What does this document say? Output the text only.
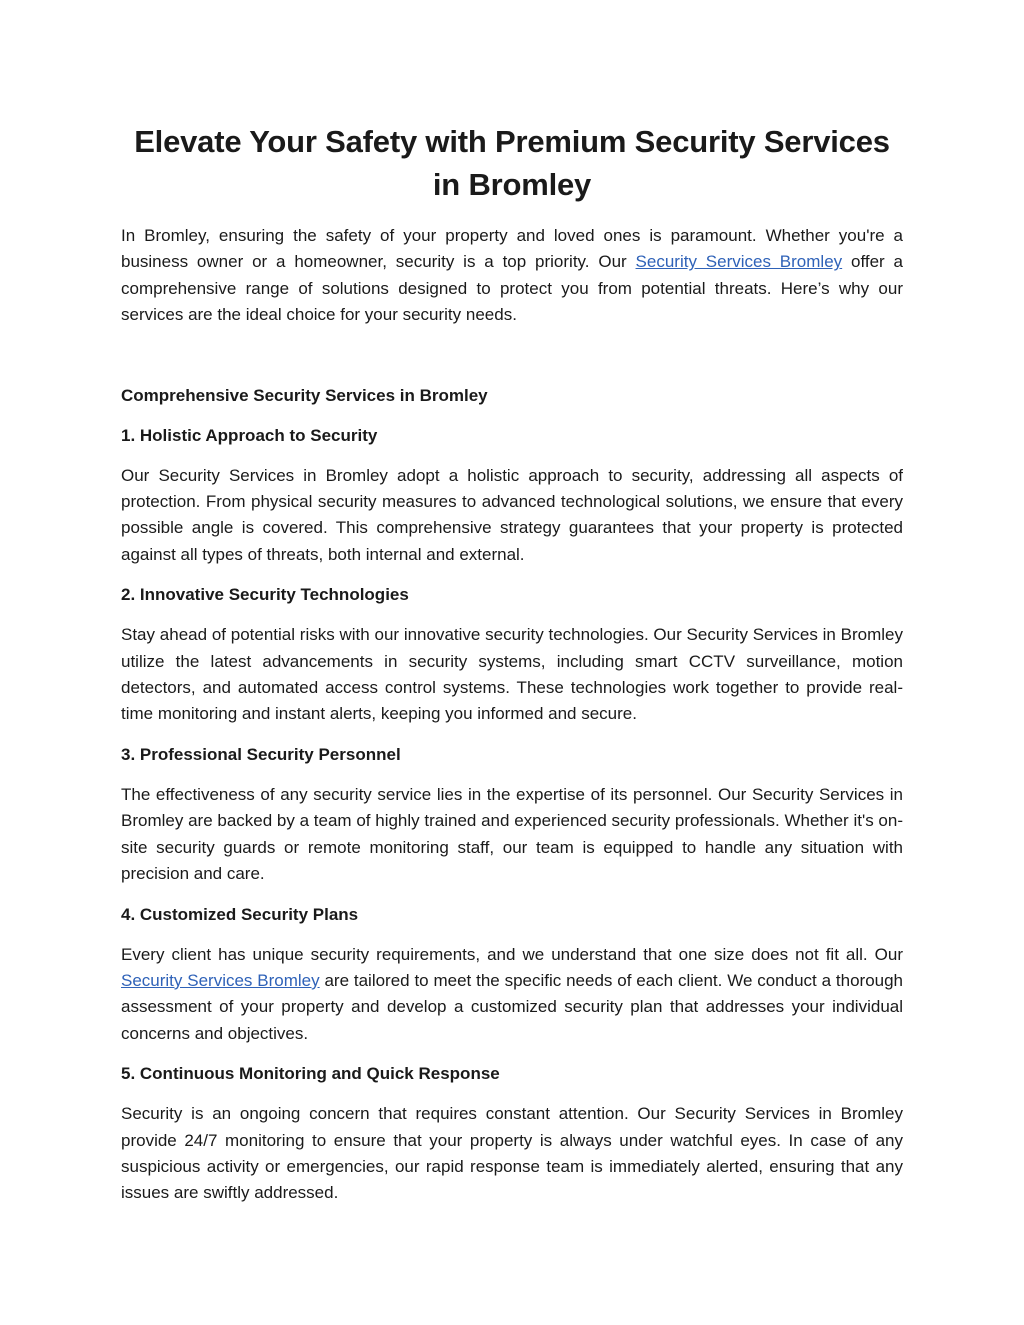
Elevate Your Safety with Premium Security Services in Bromley

In Bromley, ensuring the safety of your property and loved ones is paramount. Whether you're a business owner or a homeowner, security is a top priority. Our Security Services Bromley offer a comprehensive range of solutions designed to protect you from potential threats. Here’s why our services are the ideal choice for your security needs.

Comprehensive Security Services in Bromley
1. Holistic Approach to Security

Our Security Services in Bromley adopt a holistic approach to security, addressing all aspects of protection. From physical security measures to advanced technological solutions, we ensure that every possible angle is covered. This comprehensive strategy guarantees that your property is protected against all types of threats, both internal and external.

2. Innovative Security Technologies

Stay ahead of potential risks with our innovative security technologies. Our Security Services in Bromley utilize the latest advancements in security systems, including smart CCTV surveillance, motion detectors, and automated access control systems. These technologies work together to provide real-time monitoring and instant alerts, keeping you informed and secure.

3. Professional Security Personnel

The effectiveness of any security service lies in the expertise of its personnel. Our Security Services in Bromley are backed by a team of highly trained and experienced security professionals. Whether it's on-site security guards or remote monitoring staff, our team is equipped to handle any situation with precision and care.

4. Customized Security Plans

Every client has unique security requirements, and we understand that one size does not fit all. Our Security Services Bromley are tailored to meet the specific needs of each client. We conduct a thorough assessment of your property and develop a customized security plan that addresses your individual concerns and objectives.

5. Continuous Monitoring and Quick Response

Security is an ongoing concern that requires constant attention. Our Security Services in Bromley provide 24/7 monitoring to ensure that your property is always under watchful eyes. In case of any suspicious activity or emergencies, our rapid response team is immediately alerted, ensuring that any issues are swiftly addressed.
